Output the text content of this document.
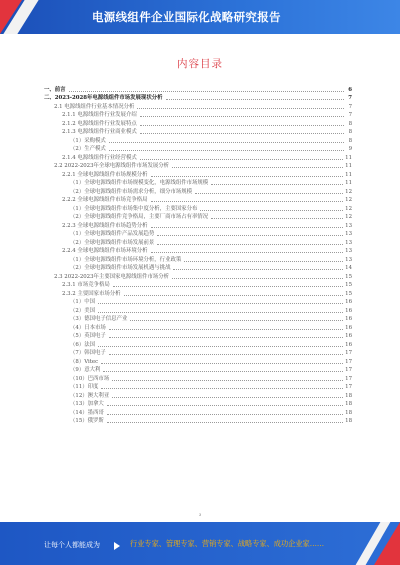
电源线组件企业国际化战略研究报告
内容目录
一、前言	6
二、2023-2028年电源线组件市场发展现状分析	7
2.1 电源线组件行业基本情况分析	7
2.1.1 电源线组件行业发展介绍	7
2.1.2 电源线组件行业发展特点	8
2.1.3 电源线组件行业商业模式	8
（1）采购模式	8
（2）生产模式	9
2.1.4 电源线组件行业经营模式	11
2.2 2022-2023年全球电源线组件市场发展分析	11
2.2.1 全球电源线组件市场规模分析	11
（1）全球电源线组件市场规模变化，电源线组件市场规模	11
（2）全球电源线组件市场需求分析，细分市场规模	12
2.2.2 全球电源线组件市场竞争格局	12
（1）全球电源线组件市场集中度分析，主要国家分布	12
（2）全球电源线组件竞争格局，主要厂商市场占有率情况	12
2.2.3 全球电源线组件市场趋势分析	13
（1）全球电源线组件产品发展趋势	13
（2）全球电源线组件市场发展前景	13
2.2.4 全球电源线组件市场环境分析	13
（1）全球电源线组件市场环境分析，行业政策	13
（2）全球电源线组件市场发展机遇与挑战	14
2.3 2022-2023年主要国家电源线组件市场分析	15
2.3.1 市场竞争格局	15
2.3.2 主要国家市场分析	15
（1）中国	16
（2）美国	16
（3）德国电子信息产业	16
（4）日本市场	16
（5）英国电子	16
（6）法国	16
（7）韩国电子	17
（8）Vitec	17
（9）意大利	17
（10）巴西市场	17
（11）印度	17
（12）澳大利亚	18
（13）加拿大	18
（14）墨西哥	18
（15）俄罗斯	18
3
让每个人都能成为	行业专家、管理专家、营销专家、战略专家、成功企业家……
